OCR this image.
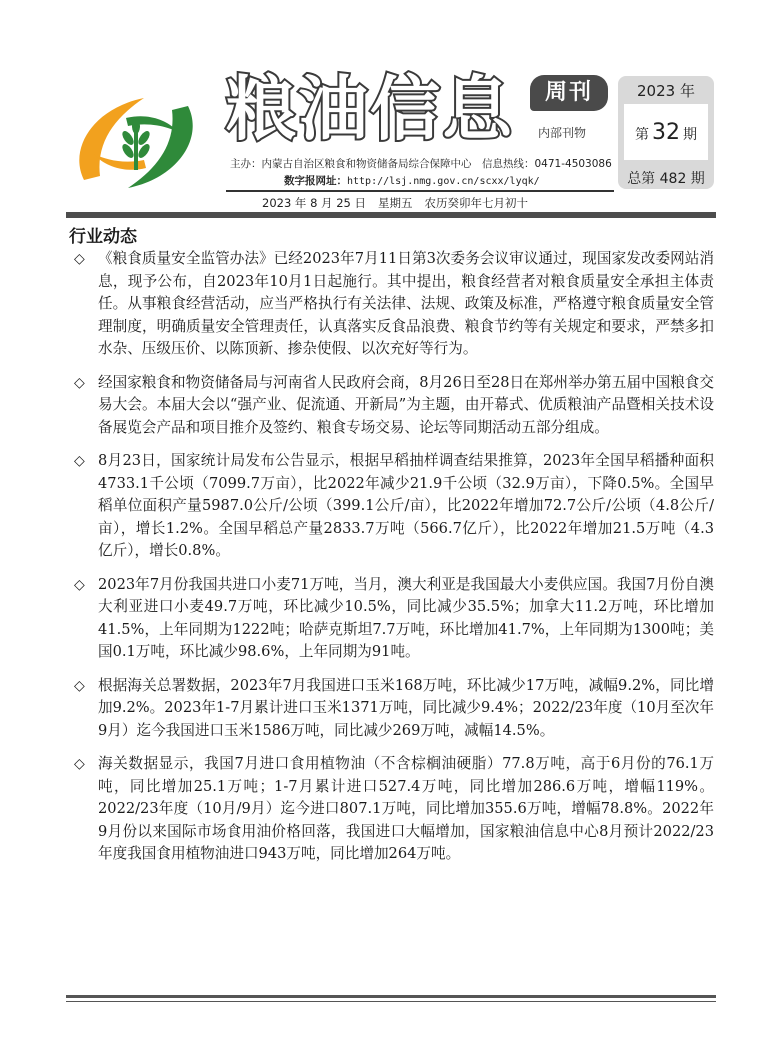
粮油信息	周刊
内部刊物
2023 年
第 32 期
总第 482 期
主办：内蒙古自治区粮食和物资储备局综合保障中心　信息热线：0471-4503086
数字报网址：http://lsj.nmg.gov.cn/scxx/lyqk/
2023 年 8 月 25 日 星期五 农历癸卯年七月初十
行业动态
◇ 《粮食质量安全监管办法》已经2023年7月11日第3次委务会议审议通过，现国家发改委网站消息，现予公布，自2023年10月1日起施行。其中提出，粮食经营者对粮食质量安全承担主体责任。从事粮食经营活动，应当严格执行有关法律、法规、政策及标准，严格遵守粮食质量安全管理制度，明确质量安全管理责任，认真落实反食品浪费、粮食节约等有关规定和要求，严禁多扣水杂、压级压价、以陈顶新、掺杂使假、以次充好等行为。
◇ 经国家粮食和物资储备局与河南省人民政府会商，8月26日至28日在郑州举办第五届中国粮食交易大会。本届大会以“强产业、促流通、开新局”为主题，由开幕式、优质粮油产品暨相关技术设备展览会产品和项目推介及签约、粮食专场交易、论坛等同期活动五部分组成。
◇ 8月23日，国家统计局发布公告显示，根据早稻抽样调查结果推算，2023年全国早稻播种面积4733.1千公顷（7099.7万亩），比2022年减少21.9千公顷（32.9万亩），下降0.5%。全国早稻单位面积产量5987.0公斤/公顷（399.1公斤/亩），比2022年增加72.7公斤/公顷（4.8公斤/亩），增长1.2%。全国早稻总产量2833.7万吨（566.7亿斤），比2022年增加21.5万吨（4.3亿斤），增长0.8%。
◇ 2023年7月份我国共进口小麦71万吨，当月，澳大利亚是我国最大小麦供应国。我国7月份自澳大利亚进口小麦49.7万吨，环比减少10.5%，同比减少35.5%；加拿大11.2万吨，环比增加41.5%，上年同期为1222吨；哈萨克斯坦7.7万吨，环比增加41.7%，上年同期为1300吨；美国0.1万吨，环比减少98.6%，上年同期为91吨。
◇ 根据海关总署数据，2023年7月我国进口玉米168万吨，环比减少17万吨，减幅9.2%，同比增加9.2%。2023年1-7月累计进口玉米1371万吨，同比减少9.4%；2022/23年度（10月至次年9月）迄今我国进口玉米1586万吨，同比减少269万吨，减幅14.5%。
◇ 海关数据显示，我国7月进口食用植物油（不含棕榈油硬脂）77.8万吨，高于6月份的76.1万吨，同比增加25.1万吨；1-7月累计进口527.4万吨，同比增加286.6万吨，增幅119%。2022/23年度（10月/9月）迄今进口807.1万吨，同比增加355.6万吨，增幅78.8%。2022年9月份以来国际市场食用油价格回落，我国进口大幅增加，国家粮油信息中心8月预计2022/23年度我国食用植物油进口943万吨，同比增加264万吨。
